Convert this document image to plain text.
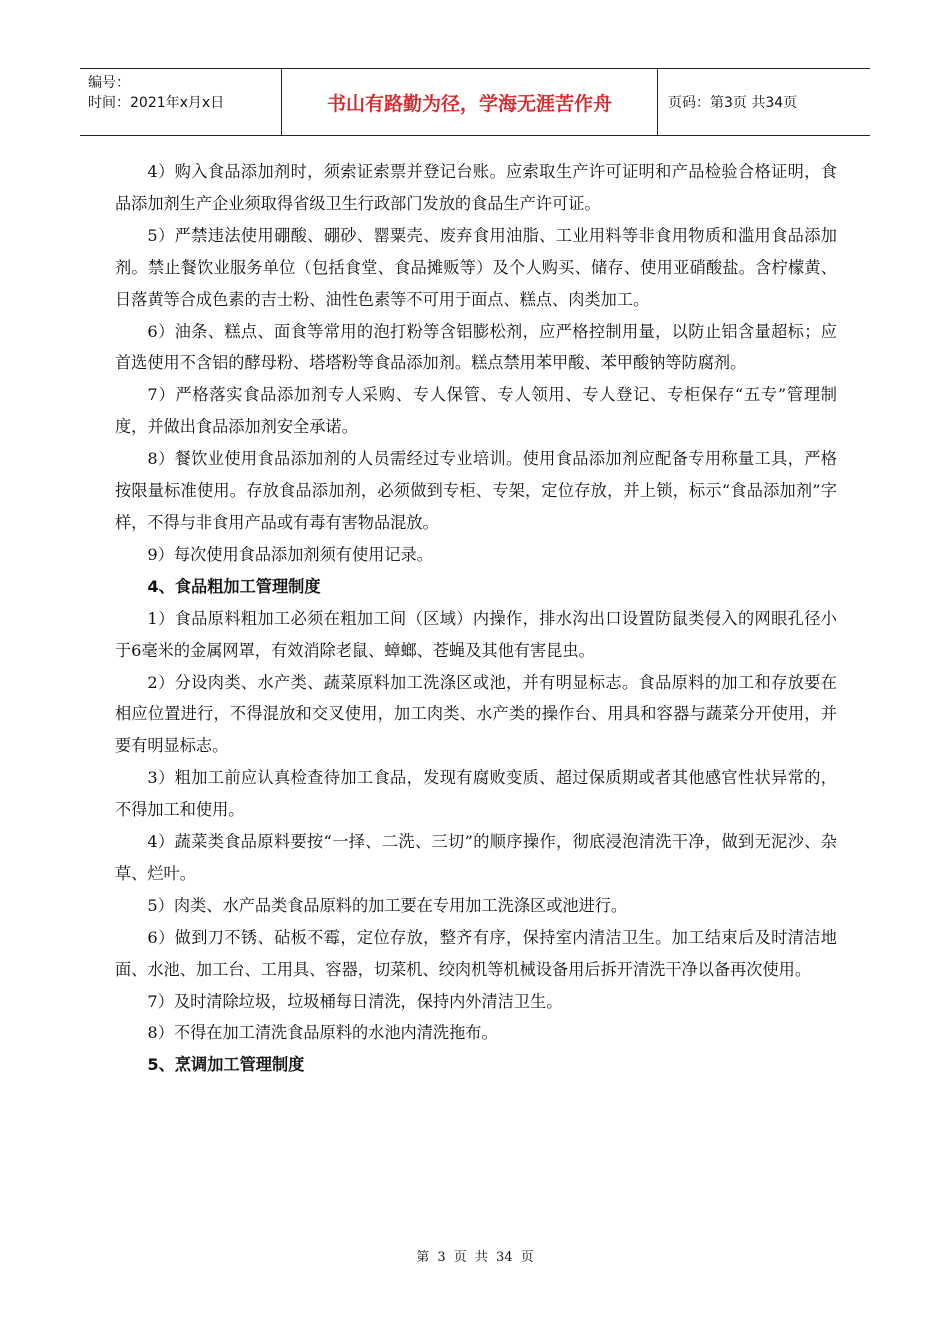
编号：
时间：2021年x月x日	书山有路勤为径，学海无涯苦作舟	页码：第3页 共34页

4）购入食品添加剂时，须索证索票并登记台账。应索取生产许可证明和产品检验合格证明，食品添加剂生产企业须取得省级卫生行政部门发放的食品生产许可证。

5）严禁违法使用硼酸、硼砂、罂粟壳、废弃食用油脂、工业用料等非食用物质和滥用食品添加剂。禁止餐饮业服务单位（包括食堂、食品摊贩等）及个人购买、储存、使用亚硝酸盐。含柠檬黄、日落黄等合成色素的吉士粉、油性色素等不可用于面点、糕点、肉类加工。

6）油条、糕点、面食等常用的泡打粉等含铝膨松剂，应严格控制用量，以防止铝含量超标；应首选使用不含铝的酵母粉、塔塔粉等食品添加剂。糕点禁用苯甲酸、苯甲酸钠等防腐剂。

7）严格落实食品添加剂专人采购、专人保管、专人领用、专人登记、专柜保存“五专”管理制度，并做出食品添加剂安全承诺。

8）餐饮业使用食品添加剂的人员需经过专业培训。使用食品添加剂应配备专用称量工具，严格按限量标准使用。存放食品添加剂，必须做到专柜、专架，定位存放，并上锁，标示“食品添加剂”字样，不得与非食用产品或有毒有害物品混放。

9）每次使用食品添加剂须有使用记录。

4、食品粗加工管理制度

1）食品原料粗加工必须在粗加工间（区域）内操作，排水沟出口设置防鼠类侵入的网眼孔径小于6毫米的金属网罩，有效消除老鼠、蟑螂、苍蝇及其他有害昆虫。

2）分设肉类、水产类、蔬菜原料加工洗涤区或池，并有明显标志。食品原料的加工和存放要在相应位置进行，不得混放和交叉使用，加工肉类、水产类的操作台、用具和容器与蔬菜分开使用，并要有明显标志。

3）粗加工前应认真检查待加工食品，发现有腐败变质、超过保质期或者其他感官性状异常的，不得加工和使用。

4）蔬菜类食品原料要按“一择、二洗、三切”的顺序操作，彻底浸泡清洗干净，做到无泥沙、杂草、烂叶。

5）肉类、水产品类食品原料的加工要在专用加工洗涤区或池进行。

6）做到刀不锈、砧板不霉，定位存放，整齐有序，保持室内清洁卫生。加工结束后及时清洁地面、水池、加工台、工用具、容器，切菜机、绞肉机等机械设备用后拆开清洗干净以备再次使用。

7）及时清除垃圾，垃圾桶每日清洗，保持内外清洁卫生。

8）不得在加工清洗食品原料的水池内清洗拖布。

5、烹调加工管理制度

第 3 页 共 34 页
